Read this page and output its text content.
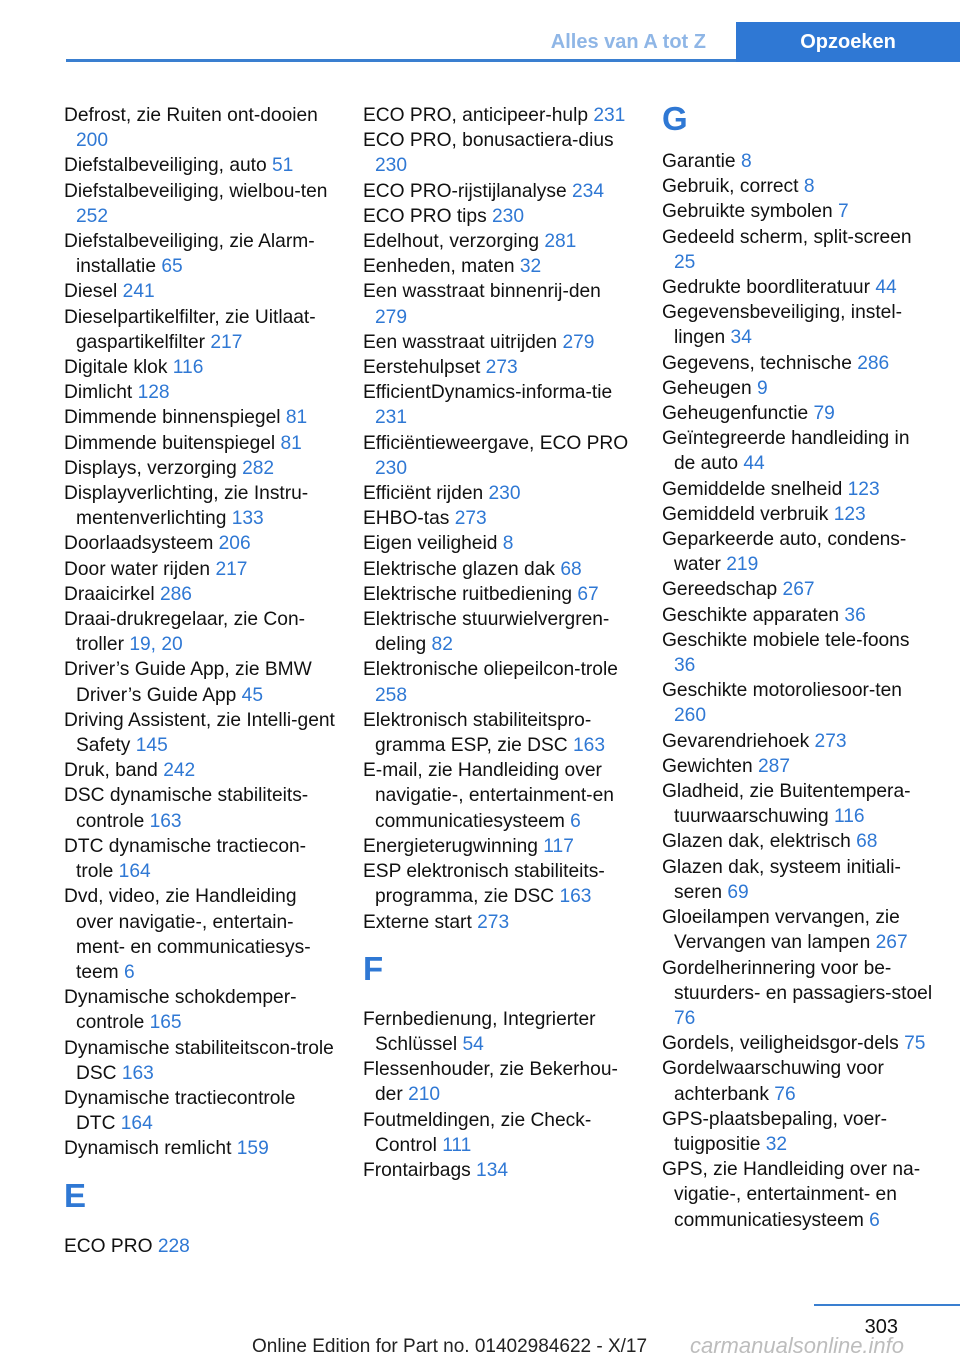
Alles van A tot Z	Opzoeken
Defrost, zie Ruiten ont-dooien 200
Diefstalbeveiliging, auto 51
Diefstalbeveiliging, wielbou-ten 252
Diefstalbeveiliging, zie Alarm-installatie 65
Diesel 241
Dieselpartikelfilter, zie Uitlaat-gaspartikelfilter 217
Digitale klok 116
Dimlicht 128
Dimmende binnenspiegel 81
Dimmende buitenspiegel 81
Displays, verzorging 282
Displayverlichting, zie Instru-mentenverlichting 133
Doorlaadsysteem 206
Door water rijden 217
Draaicirkel 286
Draai-drukregelaar, zie Con-troller 19, 20
Driver’s Guide App, zie BMW Driver’s Guide App 45
Driving Assistent, zie Intelli-gent Safety 145
Druk, band 242
DSC dynamische stabiliteits-controle 163
DTC dynamische tractiecon-trole 164
Dvd, video, zie Handleiding over navigatie-, entertain-ment- en communicatiesys-teem 6
Dynamische schokdemper-controle 165
Dynamische stabiliteitscon-trole DSC 163
Dynamische tractiecontrole DTC 164
Dynamisch remlicht 159
E
ECO PRO 228
ECO PRO, anticipeer-hulp 231
ECO PRO, bonusactiera-dius 230
ECO PRO-rijstijlanalyse 234
ECO PRO tips 230
Edelhout, verzorging 281
Eenheden, maten 32
Een wasstraat binnenrij-den 279
Een wasstraat uitrijden 279
Eerstehulpset 273
EfficientDynamics-informa-tie 231
Efficiëntieweergave, ECO PRO 230
Efficiënt rijden 230
EHBO-tas 273
Eigen veiligheid 8
Elektrische glazen dak 68
Elektrische ruitbediening 67
Elektrische stuurwielvergren-deling 82
Elektronische oliepeilcon-trole 258
Elektronisch stabiliteitspro-gramma ESP, zie DSC 163
E-mail, zie Handleiding over navigatie-, entertainment-en communicatiesysteem 6
Energieterugwinning 117
ESP elektronisch stabiliteits-programma, zie DSC 163
Externe start 273
F
Fernbedienung, Integrierter Schlüssel 54
Flessenhouder, zie Bekerhou-der 210
Foutmeldingen, zie Check-Control 111
Frontairbags 134
G
Garantie 8
Gebruik, correct 8
Gebruikte symbolen 7
Gedeeld scherm, split-screen 25
Gedrukte boordliteratuur 44
Gegevensbeveiliging, instel-lingen 34
Gegevens, technische 286
Geheugen 9
Geheugenfunctie 79
Geïntegreerde handleiding in de auto 44
Gemiddelde snelheid 123
Gemiddeld verbruik 123
Geparkeerde auto, condens-water 219
Gereedschap 267
Geschikte apparaten 36
Geschikte mobiele tele-foons 36
Geschikte motoroliesoor-ten 260
Gevarendriehoek 273
Gewichten 287
Gladheid, zie Buitentempera-tuurwaarschuwing 116
Glazen dak, elektrisch 68
Glazen dak, systeem initiali-seren 69
Gloeilampen vervangen, zie Vervangen van lampen 267
Gordelherinnering voor be-stuurders- en passagiers-stoel 76
Gordels, veiligheidsgor-dels 75
Gordelwaarschuwing voor achterbank 76
GPS-plaatsbepaling, voer-tuigpositie 32
GPS, zie Handleiding over na-vigatie-, entertainment- en communicatiesysteem 6
303
Online Edition for Part no. 01402984622 - X/17 carmanualsonline.info
